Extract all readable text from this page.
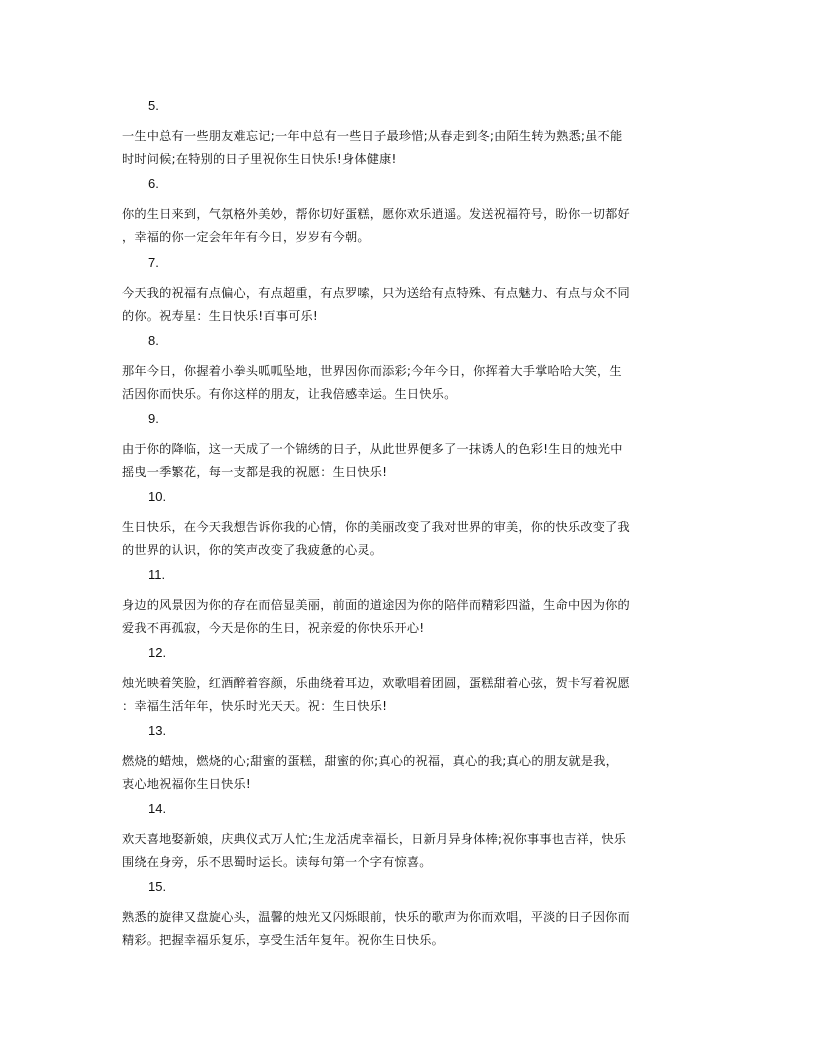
5.
一生中总有一些朋友难忘记;一年中总有一些日子最珍惜;从春走到冬;由陌生转为熟悉;虽不能
时时问候;在特别的日子里祝你生日快乐!身体健康!
6.
你的生日来到，气氛格外美妙，帮你切好蛋糕，愿你欢乐逍遥。发送祝福符号，盼你一切都好
，幸福的你一定会年年有今日，岁岁有今朝。
7.
今天我的祝福有点偏心，有点超重，有点罗嗦，只为送给有点特殊、有点魅力、有点与众不同
的你。祝寿星：生日快乐!百事可乐!
8.
那年今日，你握着小拳头呱呱坠地，世界因你而添彩;今年今日，你挥着大手掌哈哈大笑，生
活因你而快乐。有你这样的朋友，让我倍感幸运。生日快乐。
9.
由于你的降临，这一天成了一个锦绣的日子，从此世界便多了一抹诱人的色彩!生日的烛光中
摇曳一季繁花，每一支都是我的祝愿：生日快乐!
10.
生日快乐，在今天我想告诉你我的心情，你的美丽改变了我对世界的审美，你的快乐改变了我
的世界的认识，你的笑声改变了我疲惫的心灵。
11.
身边的风景因为你的存在而倍显美丽，前面的道途因为你的陪伴而精彩四溢，生命中因为你的
爱我不再孤寂，今天是你的生日，祝亲爱的你快乐开心!
12.
烛光映着笑脸，红酒醉着容颜，乐曲绕着耳边，欢歌唱着团圆，蛋糕甜着心弦，贺卡写着祝愿
：幸福生活年年，快乐时光天天。祝：生日快乐!
13.
燃烧的蜡烛，燃烧的心;甜蜜的蛋糕，甜蜜的你;真心的祝福，真心的我;真心的朋友就是我，
衷心地祝福你生日快乐!
14.
欢天喜地娶新娘，庆典仪式万人忙;生龙活虎幸福长，日新月异身体棒;祝你事事也吉祥，快乐
围绕在身旁，乐不思蜀时运长。读每句第一个字有惊喜。
15.
熟悉的旋律又盘旋心头，温馨的烛光又闪烁眼前，快乐的歌声为你而欢唱，平淡的日子因你而
精彩。把握幸福乐复乐，享受生活年复年。祝你生日快乐。
